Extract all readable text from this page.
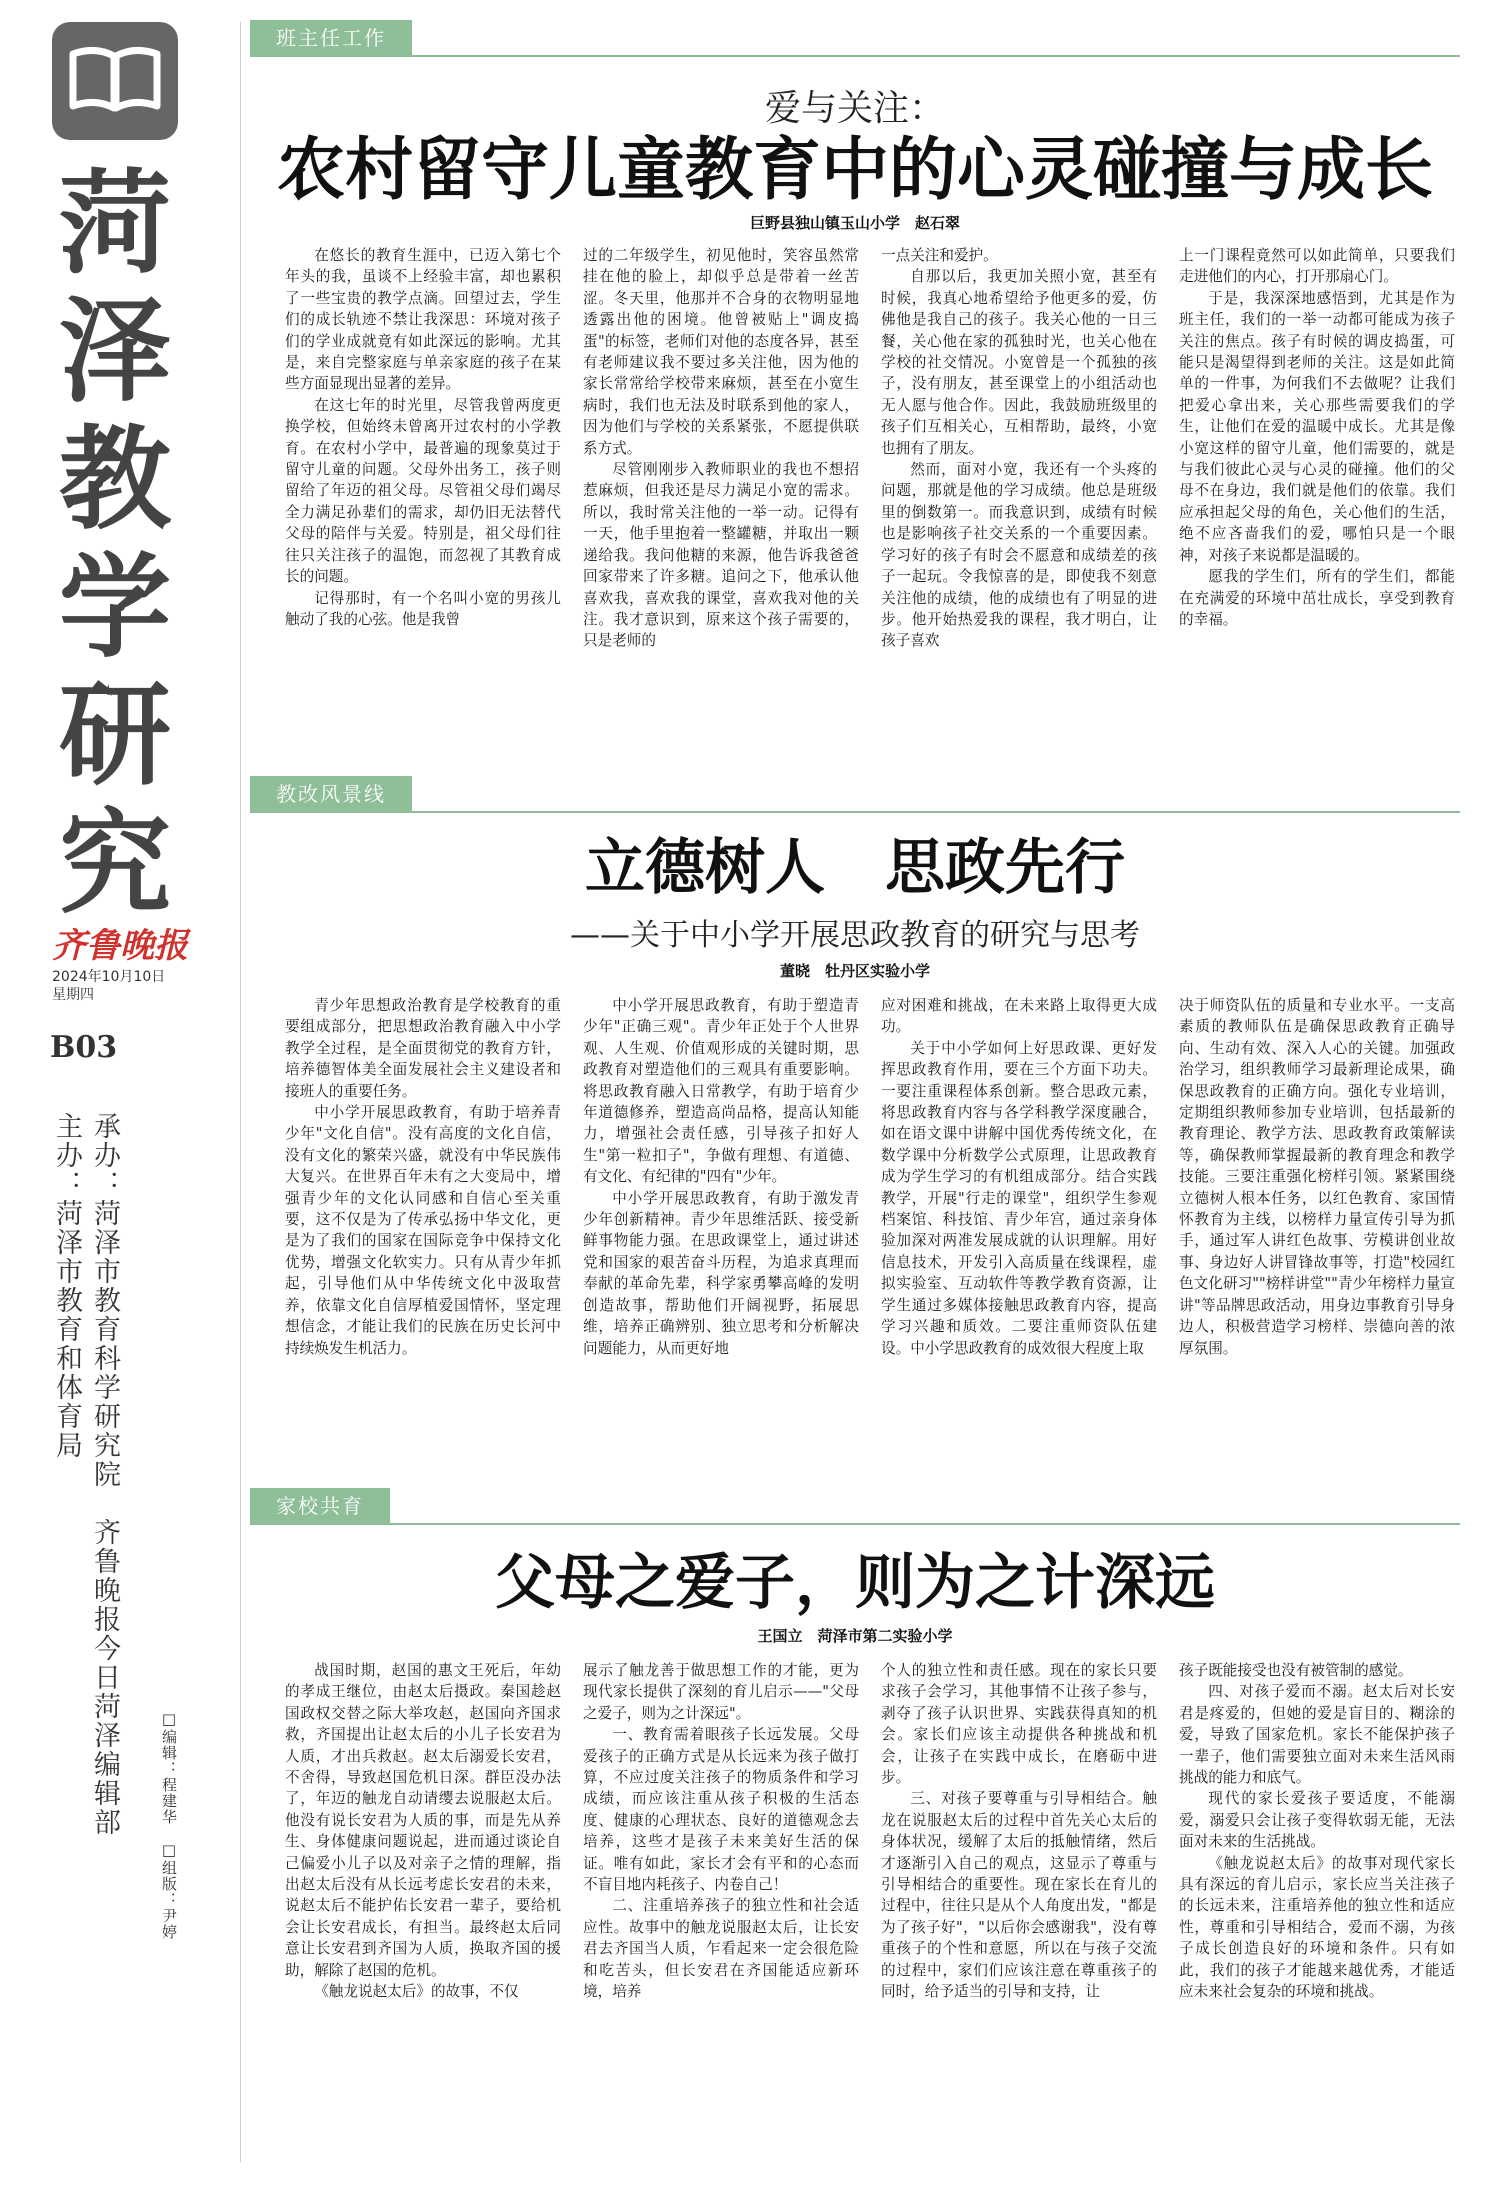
菏
泽
教
学
研
究
齐鲁晚报
2024年10月10日
星期四
B03
承办：菏泽市教育科学研究院　齐鲁晚报今日菏泽编辑部
主办：菏泽市教育和体育局
□编辑：程建华　□组版：尹婷
班主任工作
爱与关注：
农村留守儿童教育中的心灵碰撞与成长
巨野县独山镇玉山小学　赵石翠

在悠长的教育生涯中，已迈入第七个年头的我，虽谈不上经验丰富，却也累积了一些宝贵的教学点滴。回望过去，学生们的成长轨迹不禁让我深思：环境对孩子们的学业成就竟有如此深远的影响。尤其是，来自完整家庭与单亲家庭的孩子在某些方面显现出显著的差异。

在这七年的时光里，尽管我曾两度更换学校，但始终未曾离开过农村的小学教育。在农村小学中，最普遍的现象莫过于留守儿童的问题。父母外出务工，孩子则留给了年迈的祖父母。尽管祖父母们竭尽全力满足孙辈们的需求，却仍旧无法替代父母的陪伴与关爱。特别是，祖父母们往往只关注孩子的温饱，而忽视了其教育成长的问题。

记得那时，有一个名叫小宽的男孩儿触动了我的心弦。他是我曾

过的二年级学生，初见他时，笑容虽然常挂在他的脸上，却似乎总是带着一丝苦涩。冬天里，他那并不合身的衣物明显地透露出他的困境。他曾被贴上"调皮捣蛋"的标签，老师们对他的态度各异，甚至有老师建议我不要过多关注他，因为他的家长常常给学校带来麻烦，甚至在小宽生病时，我们也无法及时联系到他的家人，因为他们与学校的关系紧张，不愿提供联系方式。

尽管刚刚步入教师职业的我也不想招惹麻烦，但我还是尽力满足小宽的需求。所以，我时常关注他的一举一动。记得有一天，他手里抱着一整罐糖，并取出一颗递给我。我问他糖的来源，他告诉我爸爸回家带来了许多糖。追问之下，他承认他喜欢我，喜欢我的课堂，喜欢我对他的关注。我才意识到，原来这个孩子需要的，只是老师的

一点关注和爱护。

自那以后，我更加关照小宽，甚至有时候，我真心地希望给予他更多的爱，仿佛他是我自己的孩子。我关心他的一日三餐，关心他在家的孤独时光，也关心他在学校的社交情况。小宽曾是一个孤独的孩子，没有朋友，甚至课堂上的小组活动也无人愿与他合作。因此，我鼓励班级里的孩子们互相关心，互相帮助，最终，小宽也拥有了朋友。

然而，面对小宽，我还有一个头疼的问题，那就是他的学习成绩。他总是班级里的倒数第一。而我意识到，成绩有时候也是影响孩子社交关系的一个重要因素。学习好的孩子有时会不愿意和成绩差的孩子一起玩。令我惊喜的是，即使我不刻意关注他的成绩，他的成绩也有了明显的进步。他开始热爱我的课程，我才明白，让孩子喜欢

上一门课程竟然可以如此简单，只要我们走进他们的内心，打开那扇心门。

于是，我深深地感悟到，尤其是作为班主任，我们的一举一动都可能成为孩子关注的焦点。孩子有时候的调皮捣蛋，可能只是渴望得到老师的关注。这是如此简单的一件事，为何我们不去做呢？让我们把爱心拿出来，关心那些需要我们的学生，让他们在爱的温暖中成长。尤其是像小宽这样的留守儿童，他们需要的，就是与我们彼此心灵与心灵的碰撞。他们的父母不在身边，我们就是他们的依靠。我们应承担起父母的角色，关心他们的生活，绝不应吝啬我们的爱，哪怕只是一个眼神，对孩子来说都是温暖的。

愿我的学生们，所有的学生们，都能在充满爱的环境中茁壮成长，享受到教育的幸福。

教改风景线
立德树人　思政先行
——关于中小学开展思政教育的研究与思考
董晓　牡丹区实验小学

青少年思想政治教育是学校教育的重要组成部分，把思想政治教育融入中小学教学全过程，是全面贯彻党的教育方针，培养德智体美全面发展社会主义建设者和接班人的重要任务。

中小学开展思政教育，有助于培养青少年"文化自信"。没有高度的文化自信，没有文化的繁荣兴盛，就没有中华民族伟大复兴。在世界百年未有之大变局中，增强青少年的文化认同感和自信心至关重要，这不仅是为了传承弘扬中华文化，更是为了我们的国家在国际竞争中保持文化优势，增强文化软实力。只有从青少年抓起，引导他们从中华传统文化中汲取营养，依靠文化自信厚植爱国情怀，坚定理想信念，才能让我们的民族在历史长河中持续焕发生机活力。

中小学开展思政教育，有助于塑造青少年"正确三观"。青少年正处于个人世界观、人生观、价值观形成的关键时期，思政教育对塑造他们的三观具有重要影响。将思政教育融入日常教学，有助于培育少年道德修养，塑造高尚品格，提高认知能力，增强社会责任感，引导孩子扣好人生"第一粒扣子"，争做有理想、有道德、有文化、有纪律的"四有"少年。

中小学开展思政教育，有助于激发青少年创新精神。青少年思维活跃、接受新鲜事物能力强。在思政课堂上，通过讲述党和国家的艰苦奋斗历程，为追求真理而奉献的革命先辈，科学家勇攀高峰的发明创造故事，帮助他们开阔视野，拓展思维，培养正确辨别、独立思考和分析解决问题能力，从而更好地

应对困难和挑战，在未来路上取得更大成功。

关于中小学如何上好思政课、更好发挥思政教育作用，要在三个方面下功夫。一要注重课程体系创新。整合思政元素，将思政教育内容与各学科教学深度融合，如在语文课中讲解中国优秀传统文化，在数学课中分析数学公式原理，让思政教育成为学生学习的有机组成部分。结合实践教学，开展"行走的课堂"，组织学生参观档案馆、科技馆、青少年宫，通过亲身体验加深对两准发展成就的认识理解。用好信息技术，开发引入高质量在线课程，虚拟实验室、互动软件等教学教育资源，让学生通过多媒体接触思政教育内容，提高学习兴趣和质效。二要注重师资队伍建设。中小学思政教育的成效很大程度上取

决于师资队伍的质量和专业水平。一支高素质的教师队伍是确保思政教育正确导向、生动有效、深入人心的关键。加强政治学习，组织教师学习最新理论成果，确保思政教育的正确方向。强化专业培训，定期组织教师参加专业培训，包括最新的教育理论、教学方法、思政教育政策解读等，确保教师掌握最新的教育理念和教学技能。三要注重强化榜样引领。紧紧围绕立德树人根本任务，以红色教育、家国情怀教育为主线，以榜样力量宣传引导为抓手，通过军人讲红色故事、劳模讲创业故事、身边好人讲冒锋故事等，打造"校园红色文化研习""榜样讲堂""青少年榜样力量宣讲"等品牌思政活动，用身边事教育引导身边人，积极营造学习榜样、崇德向善的浓厚氛围。

家校共育
父母之爱子，则为之计深远
王国立　菏泽市第二实验小学

战国时期，赵国的惠文王死后，年幼的孝成王继位，由赵太后摄政。秦国趁赵国政权交替之际大举攻赵，赵国向齐国求救，齐国提出让赵太后的小儿子长安君为人质，才出兵救赵。赵太后溺爱长安君，不舍得，导致赵国危机日深。群臣没办法了，年迈的触龙自动请缨去说服赵太后。他没有说长安君为人质的事，而是先从养生、身体健康问题说起，进而通过谈论自己偏爱小儿子以及对亲子之情的理解，指出赵太后没有从长远考虑长安君的未来，说赵太后不能护佑长安君一辈子，要给机会让长安君成长，有担当。最终赵太后同意让长安君到齐国为人质，换取齐国的援助，解除了赵国的危机。

《触龙说赵太后》的故事，不仅

展示了触龙善于做思想工作的才能，更为现代家长提供了深刻的育儿启示——"父母之爱子，则为之计深远"。

一、教育需着眼孩子长远发展。父母爱孩子的正确方式是从长远来为孩子做打算，不应过度关注孩子的物质条件和学习成绩，而应该注重从孩子积极的生活态度、健康的心理状态、良好的道德观念去培养，这些才是孩子未来美好生活的保证。唯有如此，家长才会有平和的心态而不盲目地内耗孩子、内卷自己！

二、注重培养孩子的独立性和社会适应性。故事中的触龙说服赵太后，让长安君去齐国当人质，乍看起来一定会很危险和吃苦头，但长安君在齐国能适应新环境，培养

个人的独立性和责任感。现在的家长只要求孩子会学习，其他事情不让孩子参与，剥夺了孩子认识世界、实践获得真知的机会。家长们应该主动提供各种挑战和机会，让孩子在实践中成长，在磨砺中进步。

三、对孩子要尊重与引导相结合。触龙在说服赵太后的过程中首先关心太后的身体状况，缓解了太后的抵触情绪，然后才逐渐引入自己的观点，这显示了尊重与引导相结合的重要性。现在家长在育儿的过程中，往往只是从个人角度出发，"都是为了孩子好"，"以后你会感谢我"，没有尊重孩子的个性和意愿，所以在与孩子交流的过程中，家们们应该注意在尊重孩子的同时，给予适当的引导和支持，让

孩子既能接受也没有被管制的感觉。

四、对孩子爱而不溺。赵太后对长安君是疼爱的，但她的爱是盲目的、糊涂的爱，导致了国家危机。家长不能保护孩子一辈子，他们需要独立面对未来生活风雨挑战的能力和底气。

现代的家长爱孩子要适度，不能溺爱，溺爱只会让孩子变得软弱无能，无法面对未来的生活挑战。

《触龙说赵太后》的故事对现代家长具有深远的育儿启示，家长应当关注孩子的长远未来，注重培养他的独立性和适应性，尊重和引导相结合，爱而不溺，为孩子成长创造良好的环境和条件。只有如此，我们的孩子才能越来越优秀，才能适应未来社会复杂的环境和挑战。
